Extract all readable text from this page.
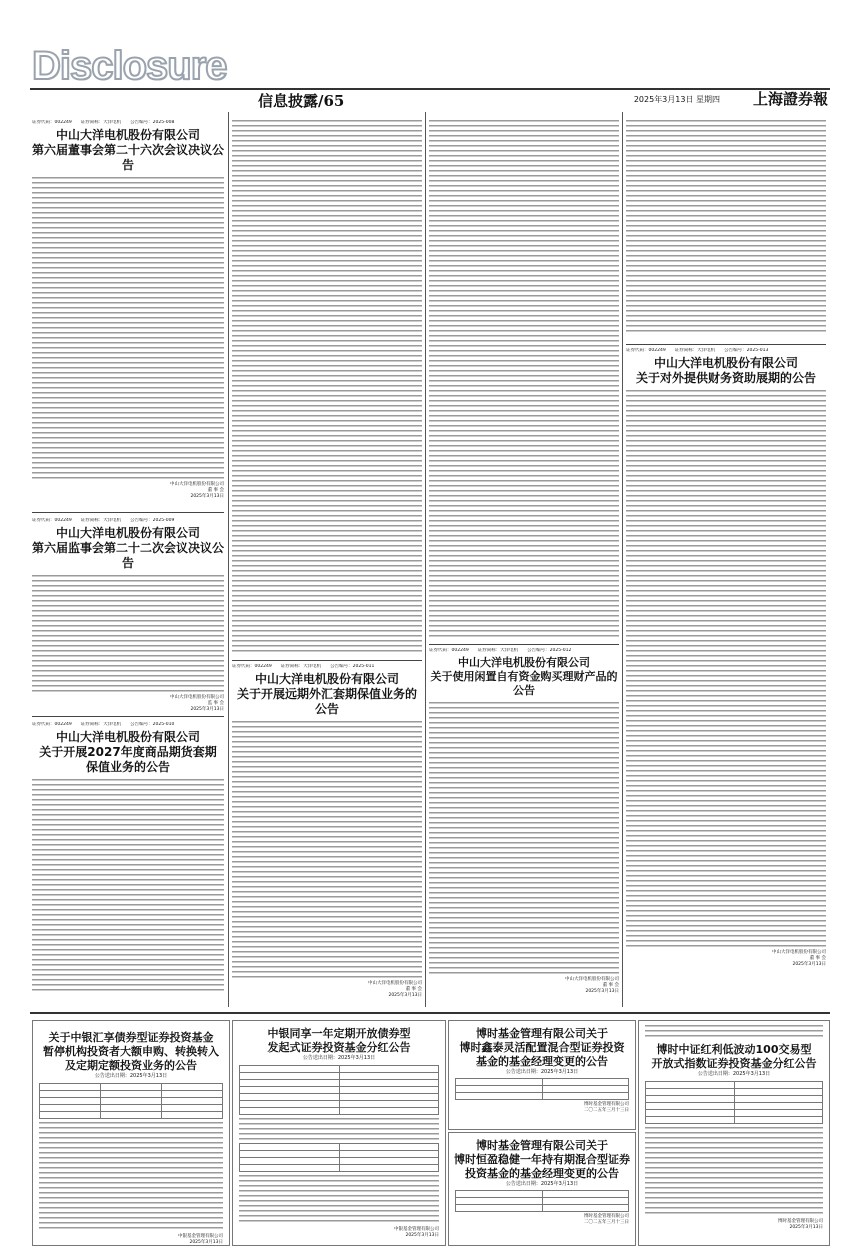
Disclosure
信息披露/65	2025年3月13日 星期四 上海證券報
证券代码：002249　　证券简称：大洋电机　　公告编号：2025-008
中山大洋电机股份有限公司
第六届董事会第二十六次会议决议公告
中山大洋电机股份有限公司
董 事 会
2025年3月13日
证券代码：002249　　证券简称：大洋电机　　公告编号：2025-009
中山大洋电机股份有限公司
第六届监事会第二十二次会议决议公告
中山大洋电机股份有限公司
监 事 会
2025年3月13日
证券代码：002249　　证券简称：大洋电机　　公告编号：2025-010
中山大洋电机股份有限公司
关于开展2027年度商品期货套期
保值业务的公告
证券代码：002249　　证券简称：大洋电机　　公告编号：2025-011
中山大洋电机股份有限公司
关于开展远期外汇套期保值业务的公告
中山大洋电机股份有限公司
董 事 会
2025年3月13日
证券代码：002249　　证券简称：大洋电机　　公告编号：2025-013
中山大洋电机股份有限公司
关于对外提供财务资助展期的公告
中山大洋电机股份有限公司
董 事 会
2025年3月13日
证券代码：002249　　证券简称：大洋电机　　公告编号：2025-012
中山大洋电机股份有限公司
关于使用闲置自有资金购买理财产品的公告
中山大洋电机股份有限公司
董 事 会
2025年3月13日
关于中银汇享债券型证券投资基金
暂停机构投资者大额申购、转换转入
及定期定额投资业务的公告
公告送出日期：2025年3月13日

中银基金管理有限公司
2025年3月13日
中银同享一年定期开放债券型
发起式证券投资基金分红公告
公告送出日期：2025年3月13日

中银基金管理有限公司
2025年3月13日
博时基金管理有限公司关于
博时鑫泰灵活配置混合型证券投资
基金的基金经理变更的公告
公告送出日期：2025年3月13日

博时基金管理有限公司
二〇二五年三月十三日
博时基金管理有限公司关于
博时恒盈稳健一年持有期混合型证券
投资基金的基金经理变更的公告
公告送出日期：2025年3月13日

博时基金管理有限公司
二〇二五年三月十三日
博时中证红利低波动100交易型
开放式指数证券投资基金分红公告
公告送出日期：2025年3月13日

博时基金管理有限公司
2025年3月13日
